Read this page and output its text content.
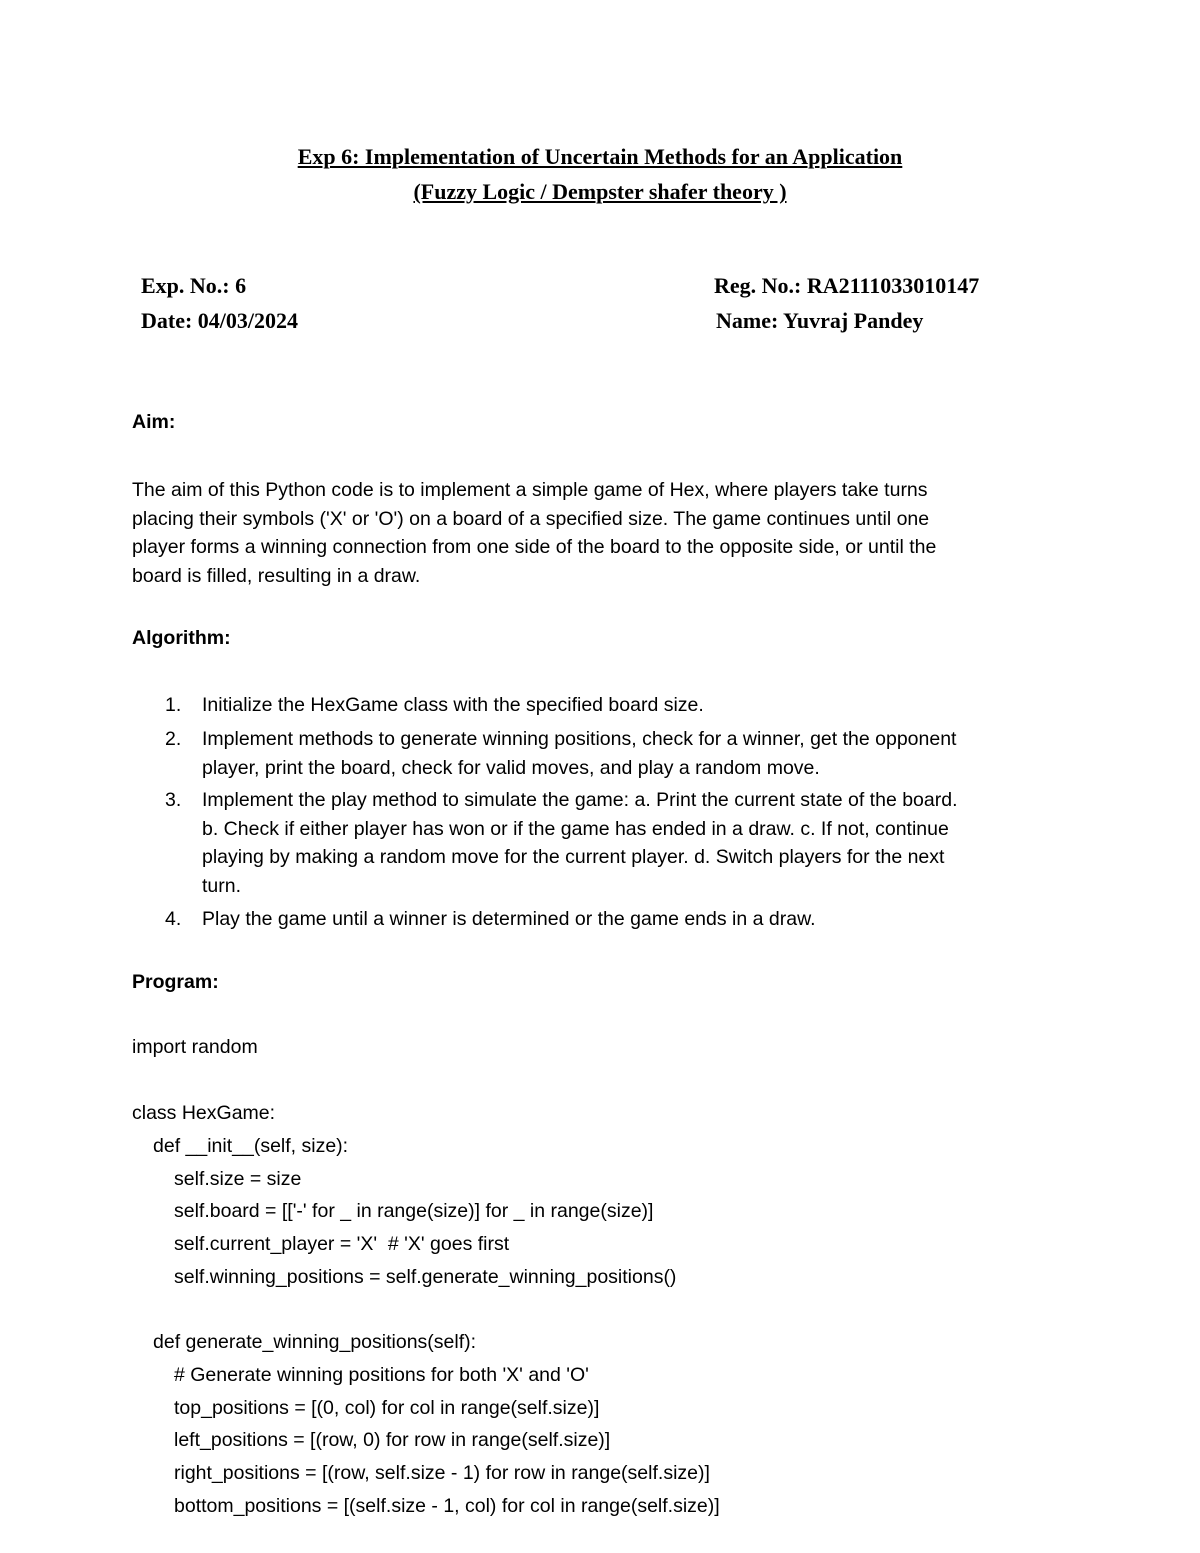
Exp 6: Implementation of Uncertain Methods for an Application
(Fuzzy Logic / Dempster shafer theory )
Exp. No.: 6
Date: 04/03/2024
Reg. No.: RA2111033010147
Name: Yuvraj Pandey
Aim:
The aim of this Python code is to implement a simple game of Hex, where players take turns
placing their symbols ('X' or 'O') on a board of a specified size. The game continues until one
player forms a winning connection from one side of the board to the opposite side, or until the
board is filled, resulting in a draw.
Algorithm:
1. Initialize the HexGame class with the specified board size.
2. Implement methods to generate winning positions, check for a winner, get the opponent
player, print the board, check for valid moves, and play a random move.
3. Implement the play method to simulate the game: a. Print the current state of the board.
b. Check if either player has won or if the game has ended in a draw. c. If not, continue
playing by making a random move for the current player. d. Switch players for the next
turn.
4. Play the game until a winner is determined or the game ends in a draw.
Program:
import random
class HexGame:
def __init__(self, size):
self.size = size
self.board = [['-' for _ in range(size)] for _ in range(size)]
self.current_player = 'X'  # 'X' goes first
self.winning_positions = self.generate_winning_positions()
def generate_winning_positions(self):
# Generate winning positions for both 'X' and 'O'
top_positions = [(0, col) for col in range(self.size)]
left_positions = [(row, 0) for row in range(self.size)]
right_positions = [(row, self.size - 1) for row in range(self.size)]
bottom_positions = [(self.size - 1, col) for col in range(self.size)]
